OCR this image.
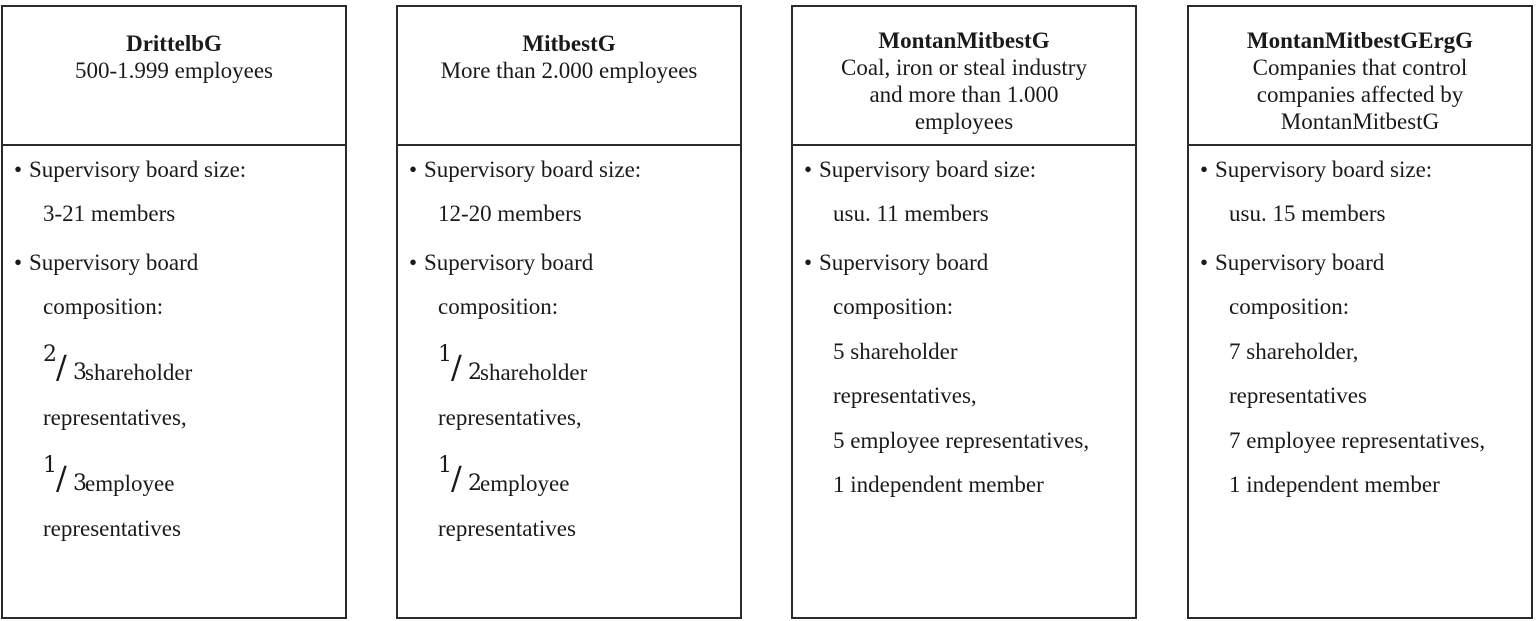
DrittelbG
500-1.999 employees
• Supervisory board size:
3-21 members
• Supervisory board
composition:
2 / 3
shareholder
representatives,
1 / 3
employee
representatives
MitbestG
More than 2.000 employees
• Supervisory board size:
12-20 members
• Supervisory board
composition:
1 / 2
shareholder
representatives,
1 / 2
employee
representatives
MontanMitbestG
Coal, iron or steal industry
and more than 1.000
employees
• Supervisory board size:
usu. 11 members
• Supervisory board
composition:
5 shareholder
representatives,
5 employee representatives,
1 independent member
MontanMitbestGErgG
Companies that control
companies affected by
MontanMitbestG
• Supervisory board size:
usu. 15 members
• Supervisory board
composition:
7 shareholder,
representatives
7 employee representatives,
1 independent member
